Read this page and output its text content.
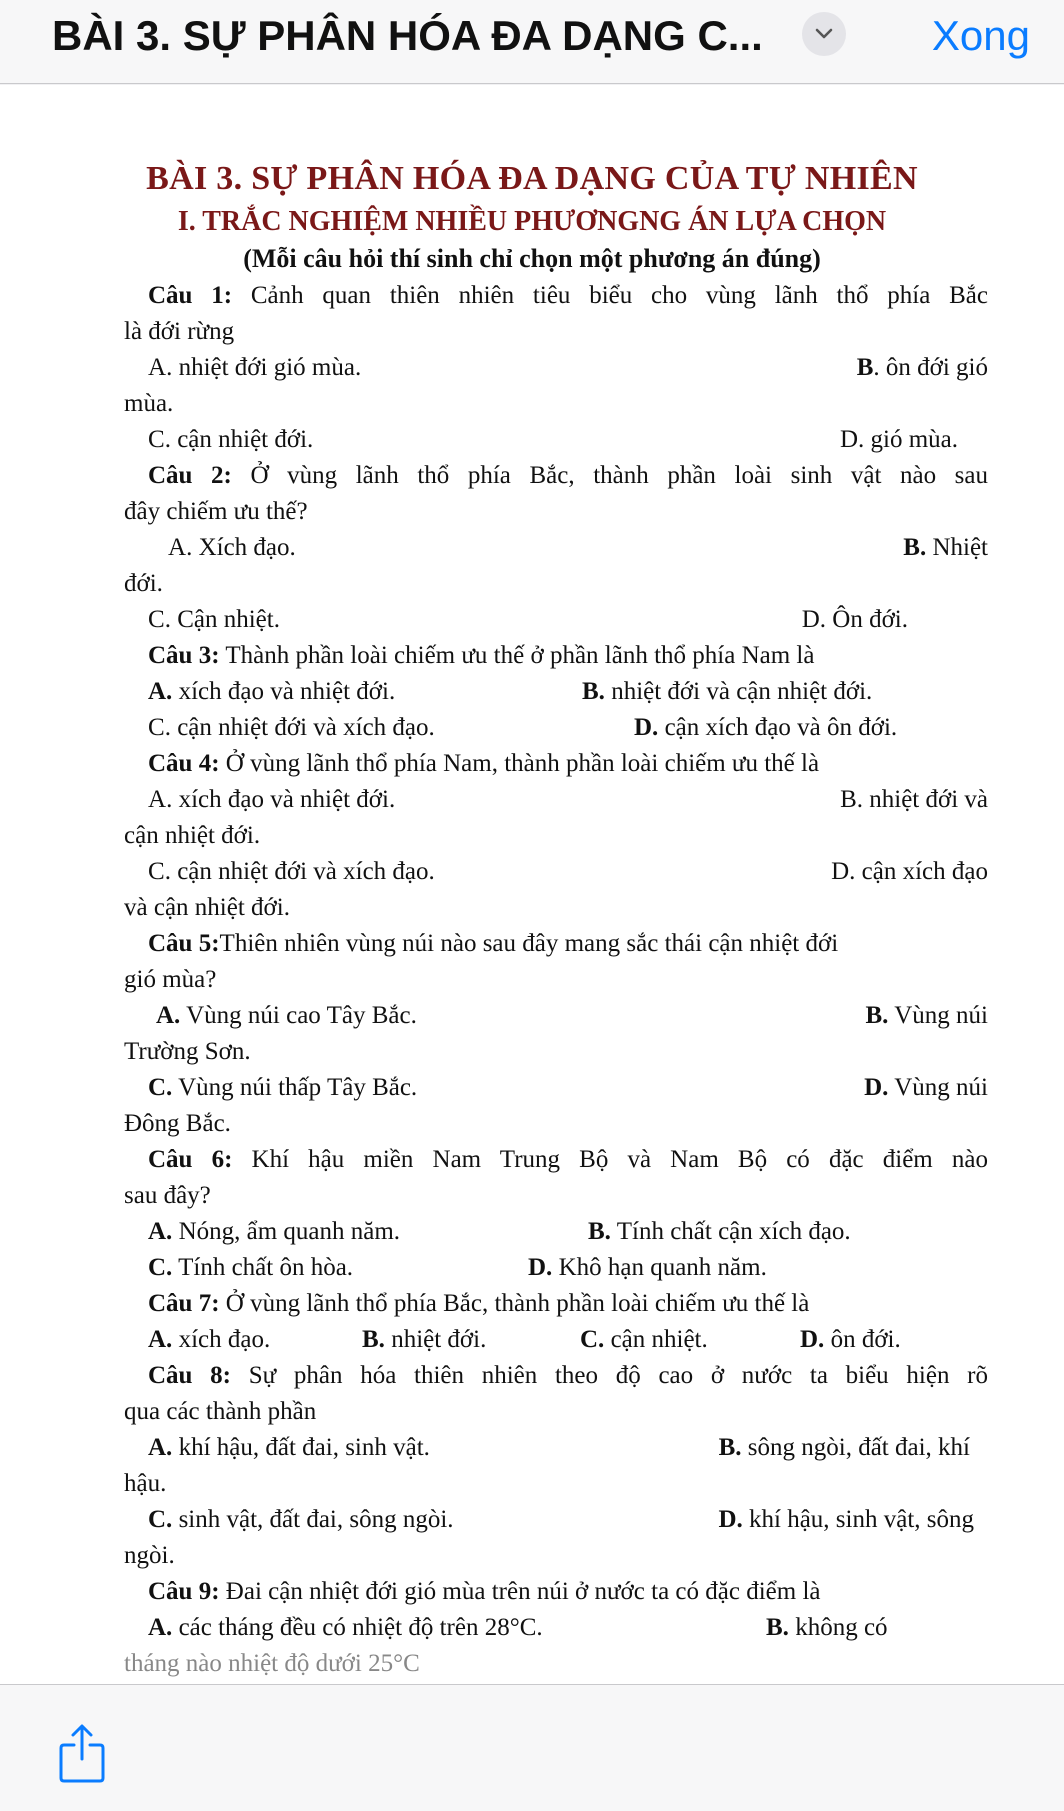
BÀI 3. SỰ PHÂN HÓA ĐA DẠNG C...	Xong
BÀI 3. SỰ PHÂN HÓA ĐA DẠNG CỦA TỰ NHIÊN
I. TRẮC NGHIỆM NHIỀU PHƯƠNGNG ÁN LỰA CHỌN
(Mỗi câu hỏi thí sinh chỉ chọn một phương án đúng)
Câu 1: Cảnh quan thiên nhiên tiêu biểu cho vùng lãnh thổ phía Bắc
là đới rừng
A. nhiệt đới gió mùa.	B. ôn đới gió
mùa.
C. cận nhiệt đới.	D. gió mùa.
Câu 2: Ở vùng lãnh thổ phía Bắc, thành phần loài sinh vật nào sau
đây chiếm ưu thế?
A. Xích đạo.	B. Nhiệt
đới.
C. Cận nhiệt.	D. Ôn đới.
Câu 3: Thành phần loài chiếm ưu thế ở phần lãnh thổ phía Nam là
A. xích đạo và nhiệt đới.	B. nhiệt đới và cận nhiệt đới.
C. cận nhiệt đới và xích đạo.	D. cận xích đạo và ôn đới.
Câu 4: Ở vùng lãnh thổ phía Nam, thành phần loài chiếm ưu thế là
A. xích đạo và nhiệt đới.	B. nhiệt đới và
cận nhiệt đới.
C. cận nhiệt đới và xích đạo.	D. cận xích đạo
và cận nhiệt đới.
Câu 5:Thiên nhiên vùng núi nào sau đây mang sắc thái cận nhiệt đới
gió mùa?
A. Vùng núi cao Tây Bắc.	B. Vùng núi
Trường Sơn.
C. Vùng núi thấp Tây Bắc.	D. Vùng núi
Đông Bắc.
Câu 6: Khí hậu miền Nam Trung Bộ và Nam Bộ có đặc điểm nào
sau đây?
A. Nóng, ẩm quanh năm.	B. Tính chất cận xích đạo.
C. Tính chất ôn hòa.	D. Khô hạn quanh năm.
Câu 7: Ở vùng lãnh thổ phía Bắc, thành phần loài chiếm ưu thế là
A. xích đạo.	B. nhiệt đới.	C. cận nhiệt.	D. ôn đới.
Câu 8: Sự phân hóa thiên nhiên theo độ cao ở nước ta biểu hiện rõ
qua các thành phần
A. khí hậu, đất đai, sinh vật.	B. sông ngòi, đất đai, khí
hậu.
C. sinh vật, đất đai, sông ngòi.	D. khí hậu, sinh vật, sông
ngòi.
Câu 9: Đai cận nhiệt đới gió mùa trên núi ở nước ta có đặc điểm là
A. các tháng đều có nhiệt độ trên 28°C.	B. không có
tháng nào nhiệt độ dưới 25°C
